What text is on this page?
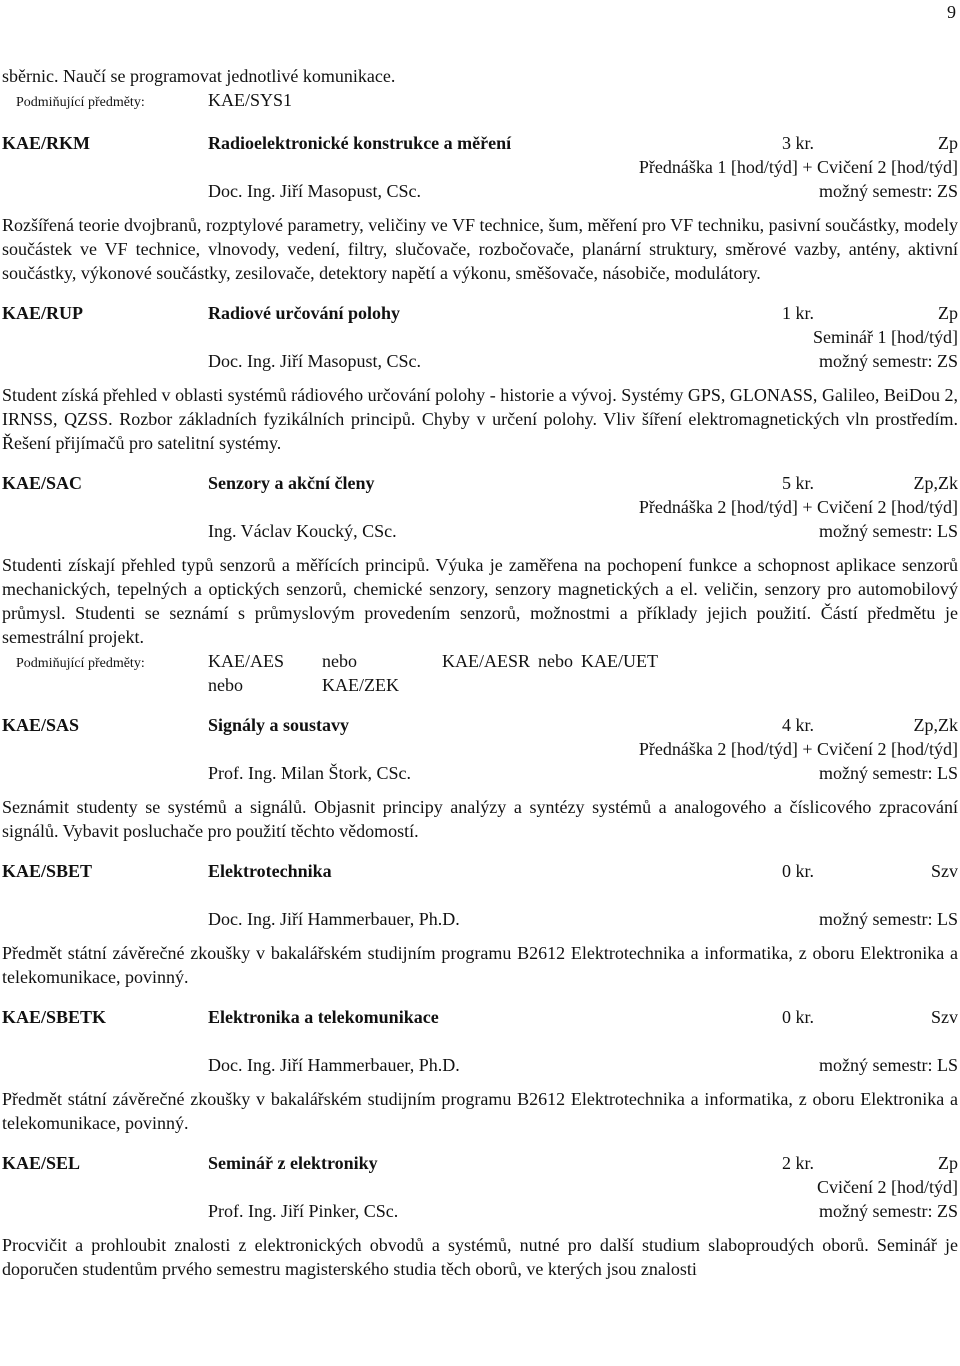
9

sběrnic. Naučí se programovat jednotlivé komunikace.

Podmiňující předměty:	KAE/SYS1
KAE/RKM	Radioelektronické konstrukce a měření	3 kr.	Zp
Přednáška 1 [hod/týd] + Cvičení 2 [hod/týd]
Doc. Ing. Jiří Masopust, CSc.	možný semestr: ZS

Rozšířená teorie dvojbranů, rozptylové parametry, veličiny ve VF technice, šum, měření pro VF techniku, pasivní součástky, modely součástek ve VF technice, vlnovody, vedení, filtry, slučovače, rozbočovače, planární struktury, směrové vazby, antény, aktivní součástky, výkonové součástky, zesilovače, detektory napětí a výkonu, směšovače, násobiče, modulátory.

KAE/RUP	Radiové určování polohy	1 kr.	Zp
Seminář 1 [hod/týd]
Doc. Ing. Jiří Masopust, CSc.	možný semestr: ZS

Student získá přehled v oblasti systémů rádiového určování polohy - historie a vývoj. Systémy GPS, GLONASS, Galileo, BeiDou 2, IRNSS, QZSS. Rozbor základních fyzikálních principů. Chyby v určení polohy. Vliv šíření elektromagnetických vln prostředím. Řešení přijímačů pro satelitní systémy.

KAE/SAC	Senzory a akční členy	5 kr.	Zp,Zk
Přednáška 2 [hod/týd] + Cvičení 2 [hod/týd]
Ing. Václav Koucký, CSc.	možný semestr: LS

Studenti získají přehled typů senzorů a měřících principů. Výuka je zaměřena na pochopení funkce a schopnost aplikace senzorů mechanických, tepelných a optických senzorů, chemické senzory, senzory magnetických a el. veličin, senzory pro automobilový průmysl. Studenti se seznámí s průmyslovým provedením senzorů, možnostmi a příklady jejich použití. Částí předmětu je semestrální projekt.

Podmiňující předměty:	KAE/AES	nebo	KAE/AESR nebo KAE/UET
nebo	KAE/ZEK
KAE/SAS	Signály a soustavy	4 kr.	Zp,Zk
Přednáška 2 [hod/týd] + Cvičení 2 [hod/týd]
Prof. Ing. Milan Štork, CSc.	možný semestr: LS

Seznámit studenty se systémů a signálů. Objasnit principy analýzy a syntézy systémů a analogového a číslicového zpracování signálů. Vybavit posluchače pro použití těchto vědomostí.

KAE/SBET	Elektrotechnika	0 kr.	Szv
Doc. Ing. Jiří Hammerbauer, Ph.D.	možný semestr: LS

Předmět státní závěrečné zkoušky v bakalářském studijním programu B2612 Elektrotechnika a informatika, z oboru Elektronika a telekomunikace, povinný.

KAE/SBETK	Elektronika a telekomunikace	0 kr.	Szv
Doc. Ing. Jiří Hammerbauer, Ph.D.	možný semestr: LS

Předmět státní závěrečné zkoušky v bakalářském studijním programu B2612 Elektrotechnika a informatika, z oboru Elektronika a telekomunikace, povinný.

KAE/SEL	Seminář z elektroniky	2 kr.	Zp
Cvičení 2 [hod/týd]
Prof. Ing. Jiří Pinker, CSc.	možný semestr: ZS

Procvičit a prohloubit znalosti z elektronických obvodů a systémů, nutné pro další studium slaboproudých oborů. Seminář je doporučen studentům prvého semestru magisterského studia těch oborů, ve kterých jsou znalosti
